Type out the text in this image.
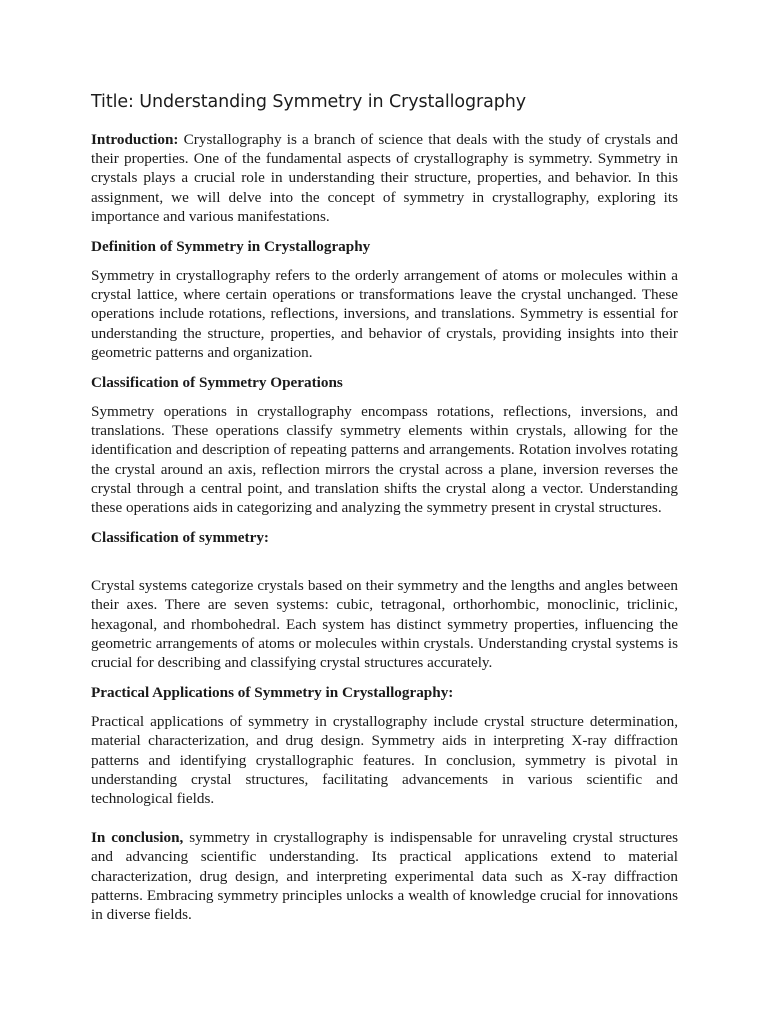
Title: Understanding Symmetry in Crystallography

Introduction: Crystallography is a branch of science that deals with the study of crystals and their properties. One of the fundamental aspects of crystallography is symmetry. Symmetry in crystals plays a crucial role in understanding their structure, properties, and behavior. In this assignment, we will delve into the concept of symmetry in crystallography, exploring its importance and various manifestations.

Definition of Symmetry in Crystallography

Symmetry in crystallography refers to the orderly arrangement of atoms or molecules within a crystal lattice, where certain operations or transformations leave the crystal unchanged. These operations include rotations, reflections, inversions, and translations. Symmetry is essential for understanding the structure, properties, and behavior of crystals, providing insights into their geometric patterns and organization.

Classification of Symmetry Operations

Symmetry operations in crystallography encompass rotations, reflections, inversions, and translations. These operations classify symmetry elements within crystals, allowing for the identification and description of repeating patterns and arrangements. Rotation involves rotating the crystal around an axis, reflection mirrors the crystal across a plane, inversion reverses the crystal through a central point, and translation shifts the crystal along a vector. Understanding these operations aids in categorizing and analyzing the symmetry present in crystal structures.

Classification of symmetry:

Crystal systems categorize crystals based on their symmetry and the lengths and angles between their axes. There are seven systems: cubic, tetragonal, orthorhombic, monoclinic, triclinic, hexagonal, and rhombohedral. Each system has distinct symmetry properties, influencing the geometric arrangements of atoms or molecules within crystals. Understanding crystal systems is crucial for describing and classifying crystal structures accurately.

Practical Applications of Symmetry in Crystallography:

Practical applications of symmetry in crystallography include crystal structure determination, material characterization, and drug design. Symmetry aids in interpreting X-ray diffraction patterns and identifying crystallographic features. In conclusion, symmetry is pivotal in understanding crystal structures, facilitating advancements in various scientific and technological fields.

In conclusion, symmetry in crystallography is indispensable for unraveling crystal structures and advancing scientific understanding. Its practical applications extend to material characterization, drug design, and interpreting experimental data such as X-ray diffraction patterns. Embracing symmetry principles unlocks a wealth of knowledge crucial for innovations in diverse fields.
